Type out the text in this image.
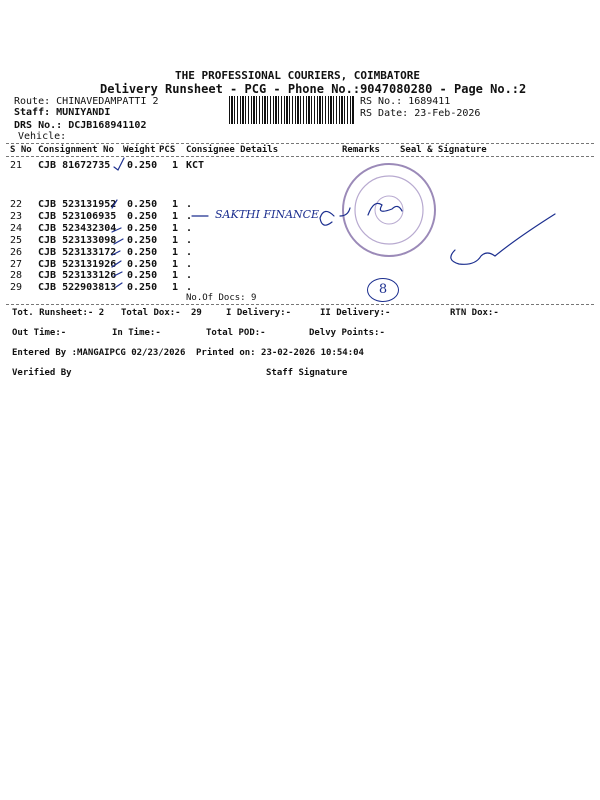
THE PROFESSIONAL COURIERS, COIMBATORE
Delivery Runsheet - PCG - Phone No.:9047080280 - Page No.:2
Route: CHINAVEDAMPATTI 2
Staff: MUNIYANDI
DRS No.: DCJB168941102
Vehicle:
RS No.: 1689411
RS Date: 23-Feb-2026
S No Consignment No Weight PCS Consignee Details	Remarks Seal & Signature
21 CJB 81672735 0.250 1 KCT
22 CJB 523131952 0.250 1 .
23 CJB 523106935 0.250 1 .
24 CJB 523432304 0.250 1 .
25 CJB 523133098 0.250 1 .
26 CJB 523133172 0.250 1 .
27 CJB 523131926 0.250 1 .
28 CJB 523133126 0.250 1 .
29 CJB 522903813 0.250 1 .
No.Of Docs: 9
Tot. Runsheet:- 2 Total Dox:- 29	I Delivery:-	II Delivery:-	RTN Dox:-
Out Time:-	In Time:-	Total POD:-	Delvy Points:-
Entered By :MANGAIPCG 02/23/2026 Printed on: 23-02-2026 10:54:04
Verified By	Staff Signature
SAKTHI FINANCE
8
